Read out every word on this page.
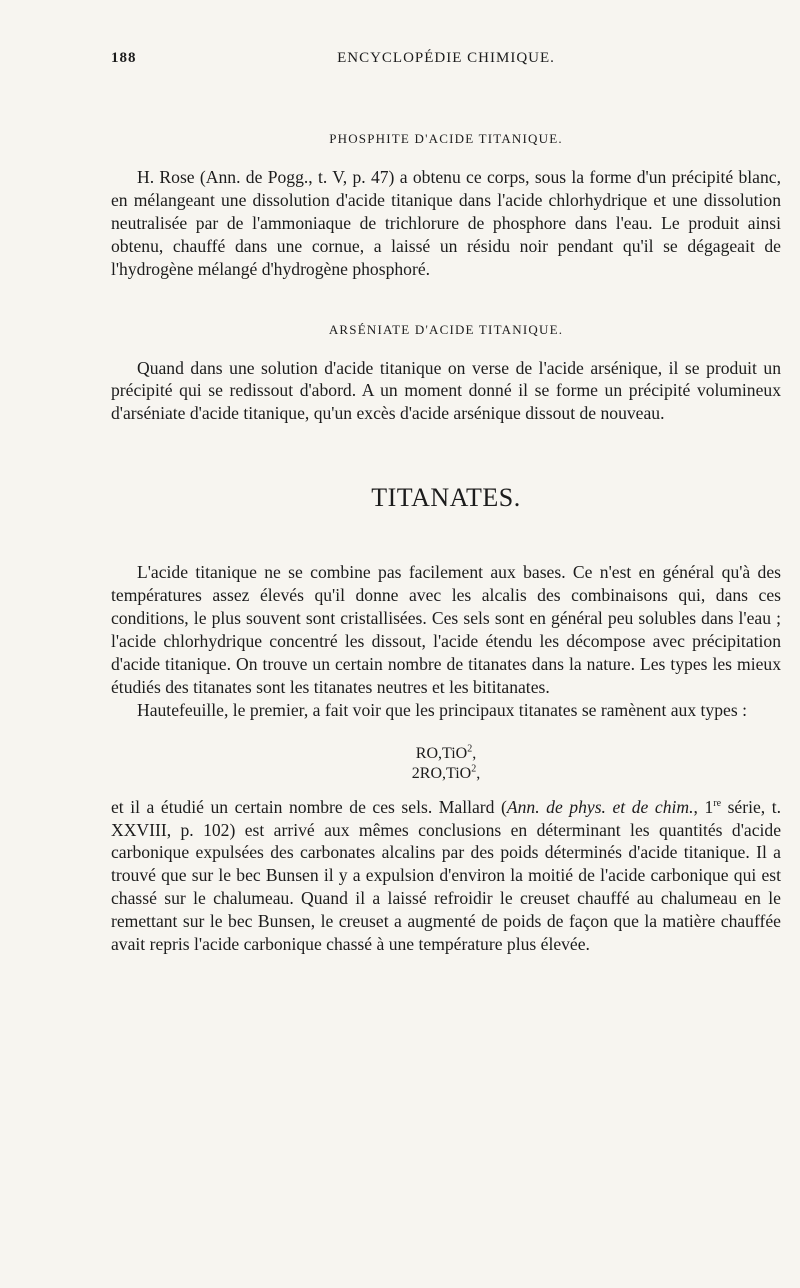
188	ENCYCLOPÉDIE CHIMIQUE.
PHOSPHITE D'ACIDE TITANIQUE.

H. Rose (Ann. de Pogg., t. V, p. 47) a obtenu ce corps, sous la forme d'un précipité blanc, en mélangeant une dissolution d'acide titanique dans l'acide chlorhydrique et une dissolution neutralisée par de l'ammoniaque de trichlorure de phosphore dans l'eau. Le produit ainsi obtenu, chauffé dans une cornue, a laissé un résidu noir pendant qu'il se dégageait de l'hydrogène mélangé d'hydrogène phosphoré.

ARSÉNIATE D'ACIDE TITANIQUE.

Quand dans une solution d'acide titanique on verse de l'acide arsénique, il se produit un précipité qui se redissout d'abord. A un moment donné il se forme un précipité volumineux d'arséniate d'acide titanique, qu'un excès d'acide arsénique dissout de nouveau.

TITANATES.

L'acide titanique ne se combine pas facilement aux bases. Ce n'est en général qu'à des températures assez élevés qu'il donne avec les alcalis des combinaisons qui, dans ces conditions, le plus souvent sont cristallisées. Ces sels sont en général peu solubles dans l'eau ; l'acide chlorhydrique concentré les dissout, l'acide étendu les décompose avec précipitation d'acide titanique. On trouve un certain nombre de titanates dans la nature. Les types les mieux étudiés des titanates sont les titanates neutres et les bititanates.

Hautefeuille, le premier, a fait voir que les principaux titanates se ramènent aux types :

RO,TiO$^2$,
2RO,TiO$^2$,

et il a étudié un certain nombre de ces sels. Mallard (Ann. de phys. et de chim., 1re série, t. XXVIII, p. 102) est arrivé aux mêmes conclusions en déterminant les quantités d'acide carbonique expulsées des carbonates alcalins par des poids déterminés d'acide titanique. Il a trouvé que sur le bec Bunsen il y a expulsion d'environ la moitié de l'acide carbonique qui est chassé sur le chalumeau. Quand il a laissé refroidir le creuset chauffé au chalumeau en le remettant sur le bec Bunsen, le creuset a augmenté de poids de façon que la matière chauffée avait repris l'acide carbonique chassé à une température plus élevée.
